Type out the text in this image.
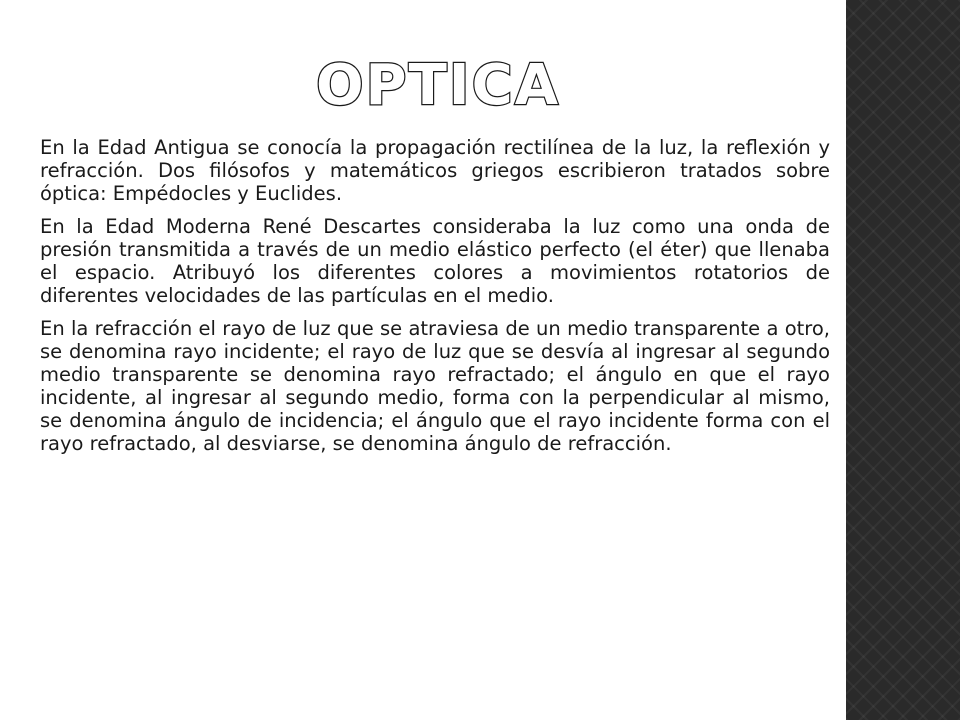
OPTICA

En la Edad Antigua se conocía la propagación rectilínea de la luz, la reflexión y refracción. Dos filósofos y matemáticos griegos escribieron tratados sobre óptica: Empédocles y Euclides.

En la Edad Moderna René Descartes consideraba la luz como una onda de presión transmitida a través de un medio elástico perfecto (el éter) que llenaba el espacio. Atribuyó los diferentes colores a movimientos rotatorios de diferentes velocidades de las partículas en el medio.

En la refracción el rayo de luz que se atraviesa de un medio transparente a otro, se denomina rayo incidente; el rayo de luz que se desvía al ingresar al segundo medio transparente se denomina rayo refractado; el ángulo en que el rayo incidente, al ingresar al segundo medio, forma con la perpendicular al mismo, se denomina ángulo de incidencia; el ángulo que el rayo incidente forma con el rayo refractado, al desviarse, se denomina ángulo de refracción.
